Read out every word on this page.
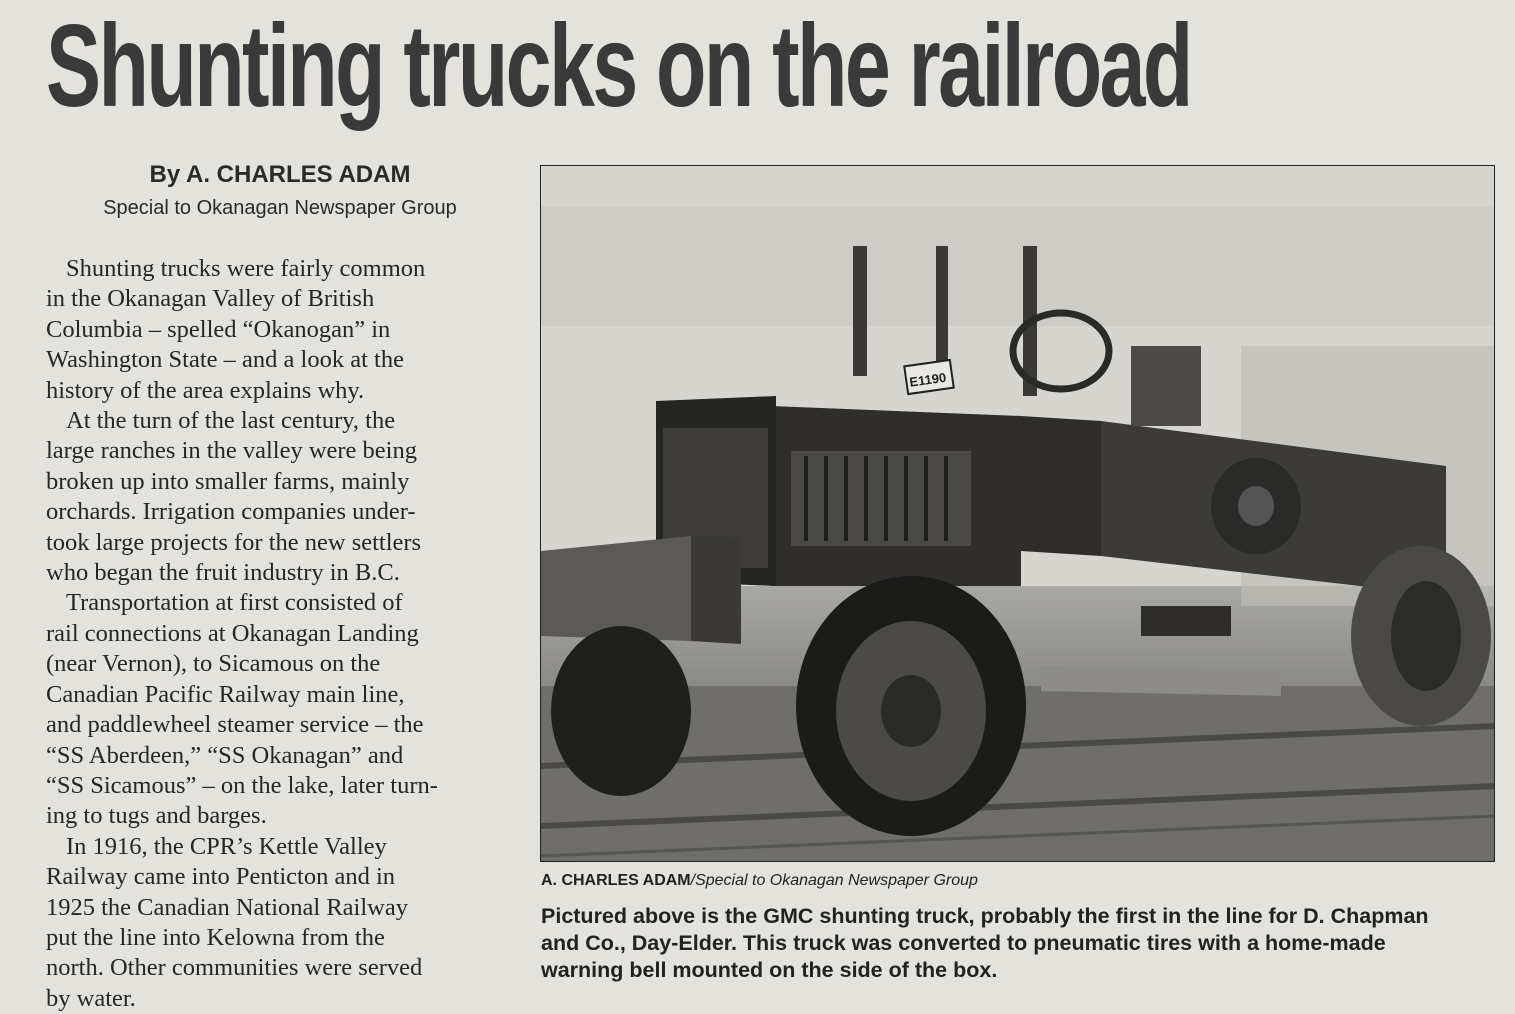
Shunting trucks on the railroad
By A. CHARLES ADAM
Special to Okanagan Newspaper Group

Shunting trucks were fairly common
in the Okanagan Valley of British
Columbia – spelled “Okanogan” in
Washington State – and a look at the
history of the area explains why.

At the turn of the last century, the
large ranches in the valley were being
broken up into smaller farms, mainly
orchards. Irrigation companies under-
took large projects for the new settlers
who began the fruit industry in B.C.

Transportation at first consisted of
rail connections at Okanagan Landing
(near Vernon), to Sicamous on the
Canadian Pacific Railway main line,
and paddlewheel steamer service – the
“SS Aberdeen,” “SS Okanagan” and
“SS Sicamous” – on the lake, later turn-
ing to tugs and barges.

In 1916, the CPR’s Kettle Valley
Railway came into Penticton and in
1925 the Canadian National Railway
put the line into Kelowna from the
north. Other communities were served
by water.

E1190
A. CHARLES ADAM/Special to Okanagan Newspaper Group
Pictured above is the GMC shunting truck, probably the first in the line for D. Chapman
and Co., Day-Elder. This truck was converted to pneumatic tires with a home-made
warning bell mounted on the side of the box.
